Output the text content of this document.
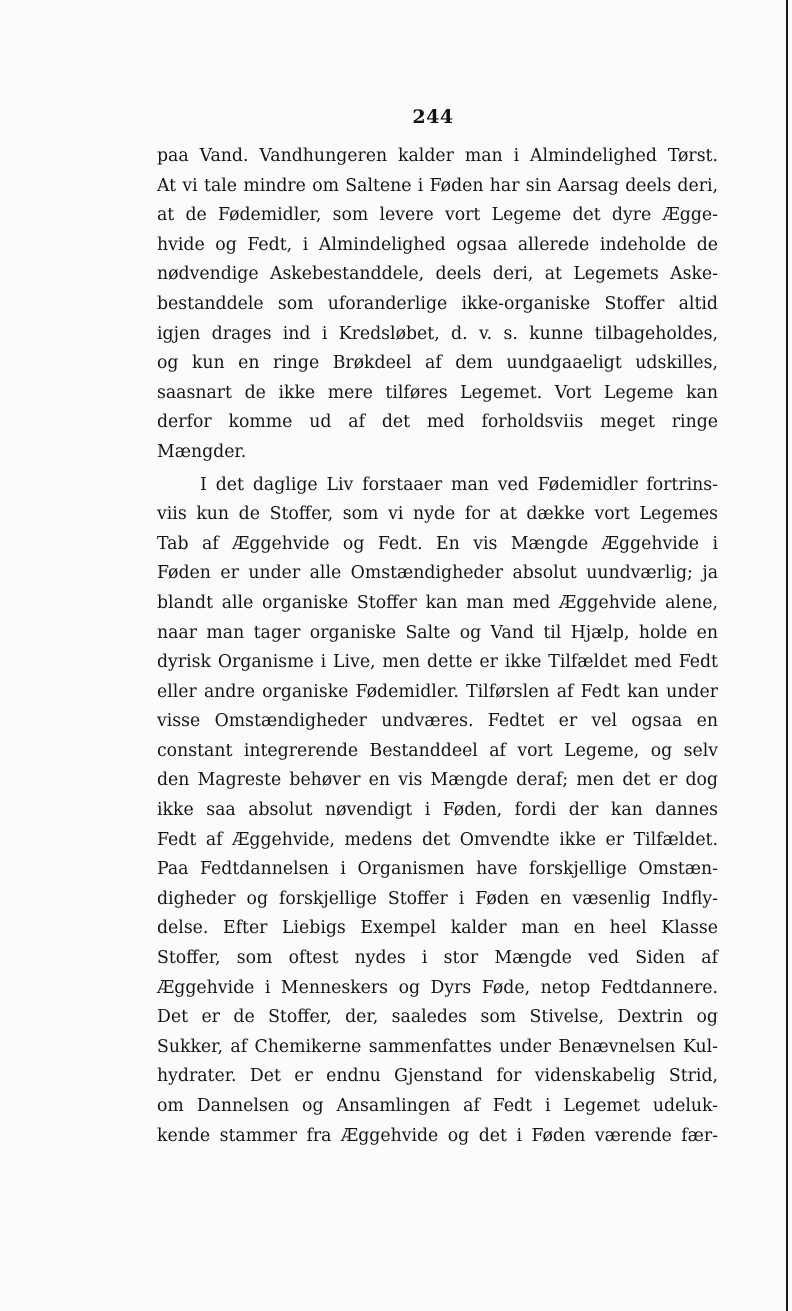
244
paa Vand. Vandhungeren kalder man i Almindelighed Tørst.
At vi tale mindre om Saltene i Føden har sin Aarsag deels deri,
at de Fødemidler, som levere vort Legeme det dyre Ægge-
hvide og Fedt, i Almindelighed ogsaa allerede indeholde de
nødvendige Askebestanddele, deels deri, at Legemets Aske-
bestanddele som uforanderlige ikke-organiske Stoffer altid
igjen drages ind i Kredsløbet, d. v. s. kunne tilbageholdes,
og kun en ringe Brøkdeel af dem uundgaaeligt udskilles,
saasnart de ikke mere tilføres Legemet. Vort Legeme kan
derfor komme ud af det med forholdsviis meget ringe
Mængder.
I det daglige Liv forstaaer man ved Fødemidler fortrins-
viis kun de Stoffer, som vi nyde for at dække vort Legemes
Tab af Æggehvide og Fedt. En vis Mængde Æggehvide i
Føden er under alle Omstændigheder absolut uundværlig; ja
blandt alle organiske Stoffer kan man med Æggehvide alene,
naar man tager organiske Salte og Vand til Hjælp, holde en
dyrisk Organisme i Live, men dette er ikke Tilfældet med Fedt
eller andre organiske Fødemidler. Tilførslen af Fedt kan under
visse Omstændigheder undværes. Fedtet er vel ogsaa en
constant integrerende Bestanddeel af vort Legeme, og selv
den Magreste behøver en vis Mængde deraf; men det er dog
ikke saa absolut nøvendigt i Føden, fordi der kan dannes
Fedt af Æggehvide, medens det Omvendte ikke er Tilfældet.
Paa Fedtdannelsen i Organismen have forskjellige Omstæn-
digheder og forskjellige Stoffer i Føden en væsenlig Indfly-
delse. Efter Liebigs Exempel kalder man en heel Klasse
Stoffer, som oftest nydes i stor Mængde ved Siden af
Æggehvide i Menneskers og Dyrs Føde, netop Fedtdannere.
Det er de Stoffer, der, saaledes som Stivelse, Dextrin og
Sukker, af Chemikerne sammenfattes under Benævnelsen Kul-
hydrater. Det er endnu Gjenstand for videnskabelig Strid,
om Dannelsen og Ansamlingen af Fedt i Legemet udeluk-
kende stammer fra Æggehvide og det i Føden værende fær-
